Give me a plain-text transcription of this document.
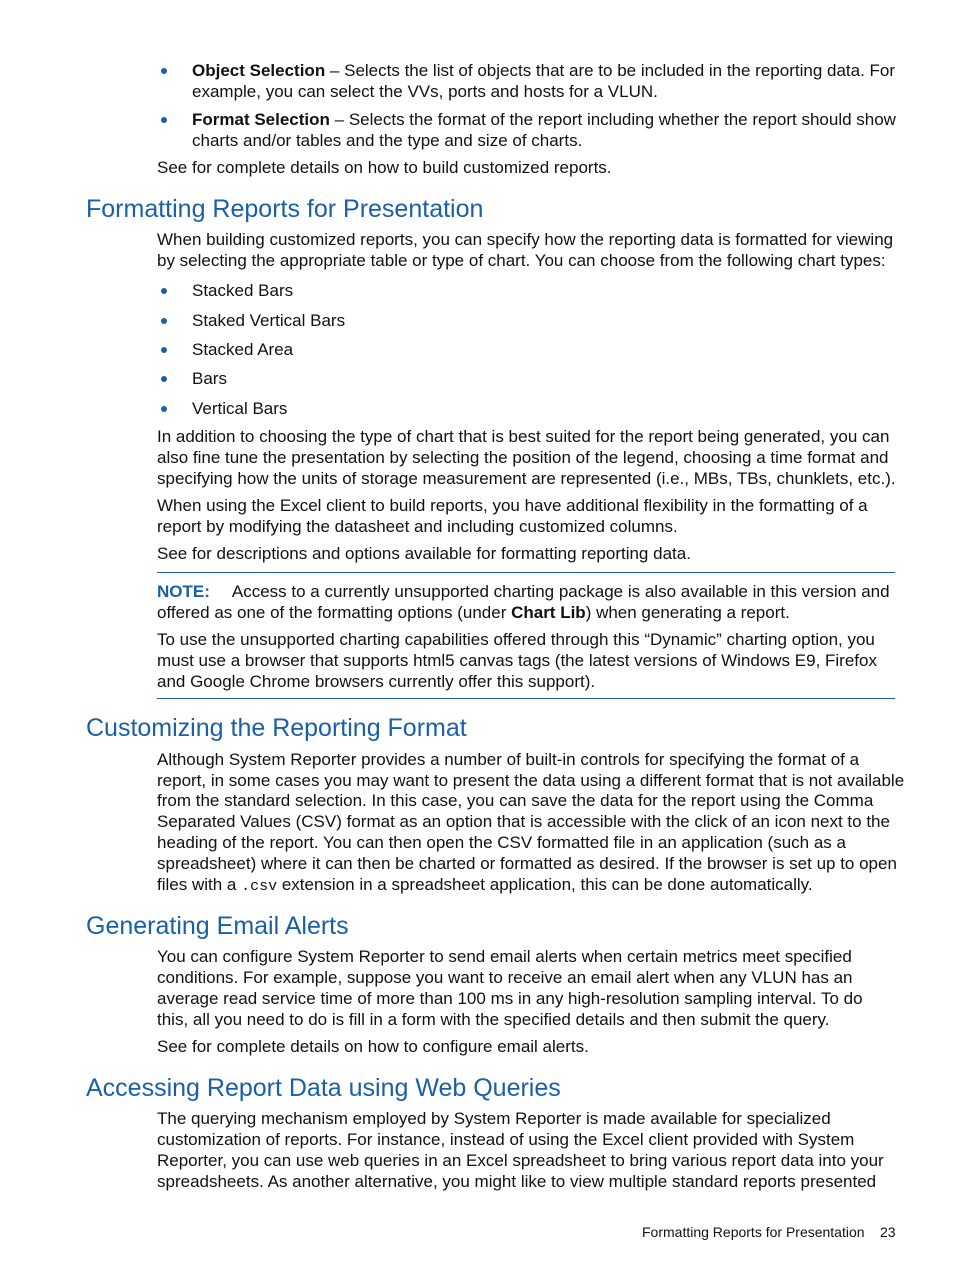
Object Selection – Selects the list of objects that are to be included in the reporting data. For
example, you can select the VVs, ports and hosts for a VLUN.
Format Selection – Selects the format of the report including whether the report should show
charts and/or tables and the type and size of charts.
See for complete details on how to build customized reports.
Formatting Reports for Presentation
When building customized reports, you can specify how the reporting data is formatted for viewing
by selecting the appropriate table or type of chart. You can choose from the following chart types:
Stacked Bars
Staked Vertical Bars
Stacked Area
Bars
Vertical Bars
In addition to choosing the type of chart that is best suited for the report being generated, you can
also fine tune the presentation by selecting the position of the legend, choosing a time format and
specifying how the units of storage measurement are represented (i.e., MBs, TBs, chunklets, etc.).
When using the Excel client to build reports, you have additional flexibility in the formatting of a
report by modifying the datasheet and including customized columns.
See for descriptions and options available for formatting reporting data.
NOTE: Access to a currently unsupported charting package is also available in this version and
offered as one of the formatting options (under Chart Lib) when generating a report.
To use the unsupported charting capabilities offered through this “Dynamic” charting option, you
must use a browser that supports html5 canvas tags (the latest versions of Windows E9, Firefox
and Google Chrome browsers currently offer this support).
Customizing the Reporting Format
Although System Reporter provides a number of built-in controls for specifying the format of a
report, in some cases you may want to present the data using a different format that is not available
from the standard selection. In this case, you can save the data for the report using the Comma
Separated Values (CSV) format as an option that is accessible with the click of an icon next to the
heading of the report. You can then open the CSV formatted file in an application (such as a
spreadsheet) where it can then be charted or formatted as desired. If the browser is set up to open
files with a .csv extension in a spreadsheet application, this can be done automatically.
Generating Email Alerts
You can configure System Reporter to send email alerts when certain metrics meet specified
conditions. For example, suppose you want to receive an email alert when any VLUN has an
average read service time of more than 100 ms in any high-resolution sampling interval. To do
this, all you need to do is fill in a form with the specified details and then submit the query.
See for complete details on how to configure email alerts.
Accessing Report Data using Web Queries
The querying mechanism employed by System Reporter is made available for specialized
customization of reports. For instance, instead of using the Excel client provided with System
Reporter, you can use web queries in an Excel spreadsheet to bring various report data into your
spreadsheets. As another alternative, you might like to view multiple standard reports presented
Formatting Reports for Presentation 23
